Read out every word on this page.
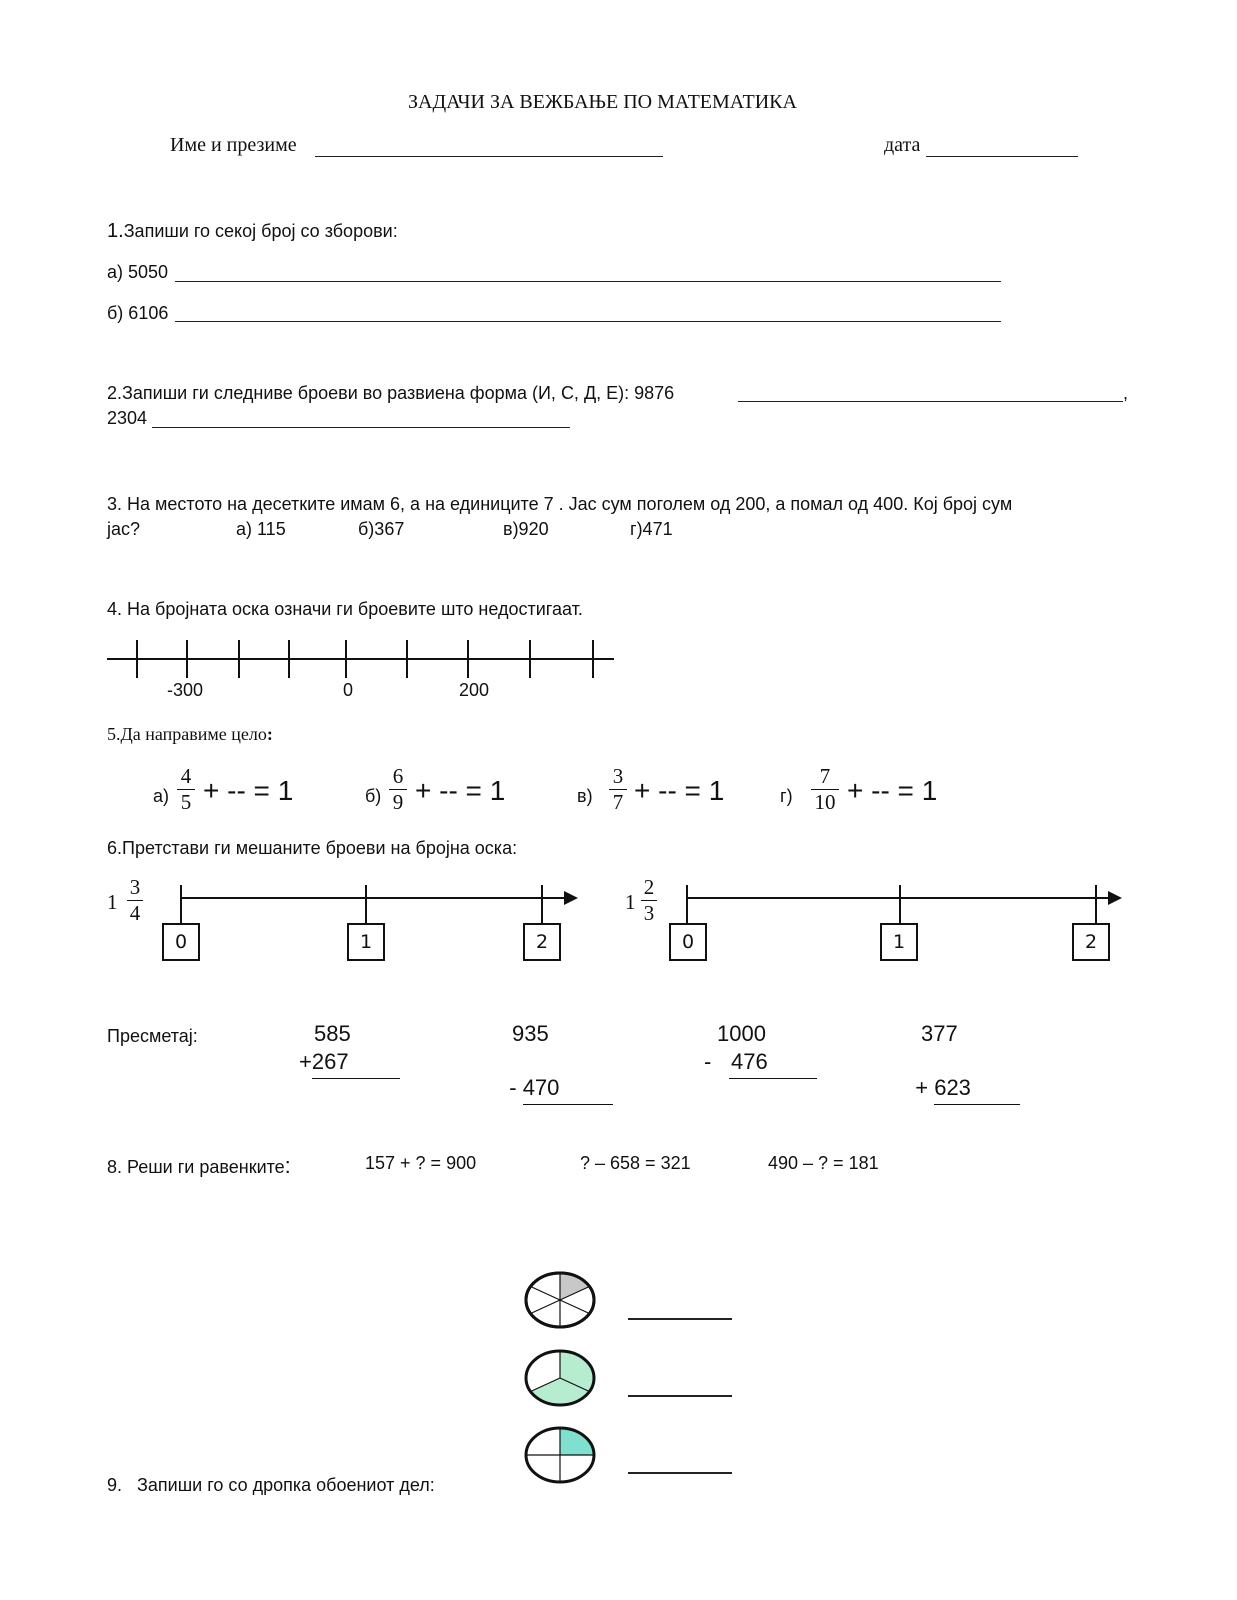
ЗАДАЧИ ЗА ВЕЖБАЊЕ ПО МАТЕМАТИКА
Име и презиме	дата
1.Запиши го секој број со зборови:
а) 5050
б) 6106
2.Запиши ги следниве броеви во развиена форма (И, С, Д, Е): 9876	,
2304
3. На местото на десетките имам 6, а на единиците 7 . Јас сум поголем од 200, а помал од 400. Кој број сум
јас?	а) 115	б)367	в)920	г)471
4. На бројната оска означи ги броевите што недостигаат.
-300	0	200
5.Да направиме цело:
а)
4
5 + -- = 1	б)
6
9 + -- = 1	в)
3
7 + -- = 1	г)
7
10 + -- = 1
6.Претстави ги мешаните броеви на бројна оска:
1
3
4
0	1	2
1
2
3
0	1	2
Пресметај:	585
+267
935

- 470

1000
- 476
377

+ 623

8. Реши ги равенките:	157 + ? = 900	? – 658 = 321	490 – ? = 181
9.   Запиши го со дропка обоениот дел:
